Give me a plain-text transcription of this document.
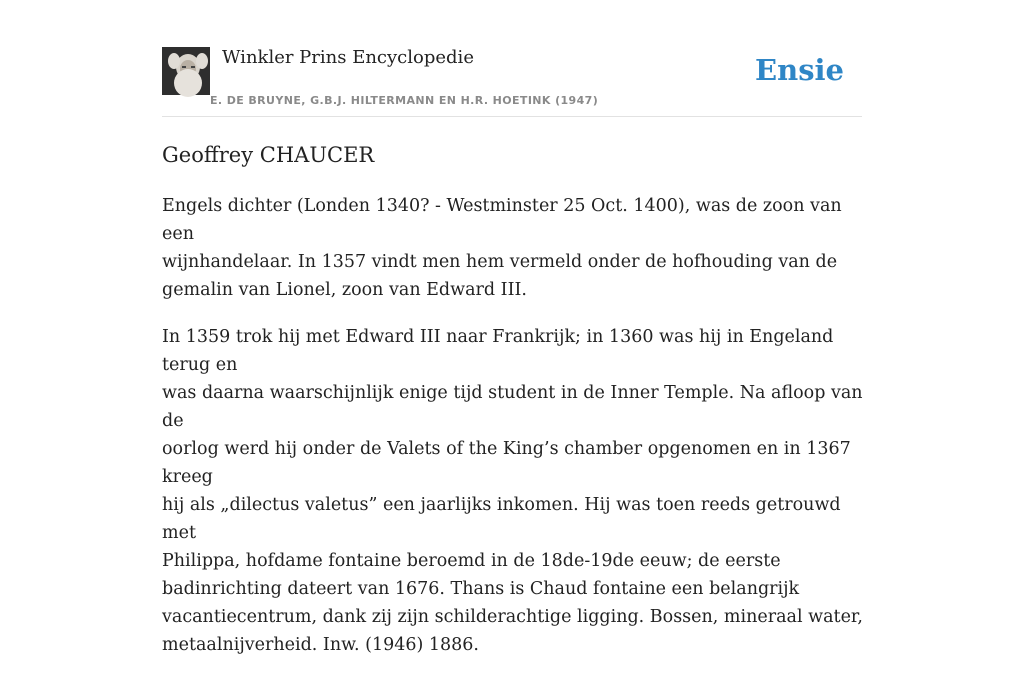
Winkler Prins Encyclopedie
E. DE BRUYNE, G.B.J. HILTERMANN EN H.R. HOETINK (1947)
Ensie
Geoffrey CHAUCER

Engels dichter (Londen 1340? - Westminster 25 Oct. 1400), was de zoon van een
wijnhandelaar. In 1357 vindt men hem vermeld onder de hofhouding van de
gemalin van Lionel, zoon van Edward III.

In 1359 trok hij met Edward III naar Frankrijk; in 1360 was hij in Engeland terug en
was daarna waarschijnlijk enige tijd student in de Inner Temple. Na afloop van de
oorlog werd hij onder de Valets of the King’s chamber opgenomen en in 1367 kreeg
hij als „dilectus valetus” een jaarlijks inkomen. Hij was toen reeds getrouwd met
Philippa, hofdame fontaine beroemd in de 18de-19de eeuw; de eerste
badinrichting dateert van 1676. Thans is Chaud fontaine een belangrijk
vacantiecentrum, dank zij zijn schilderachtige ligging. Bossen, mineraal water,
metaalnijverheid. Inw. (1946) 1886.
